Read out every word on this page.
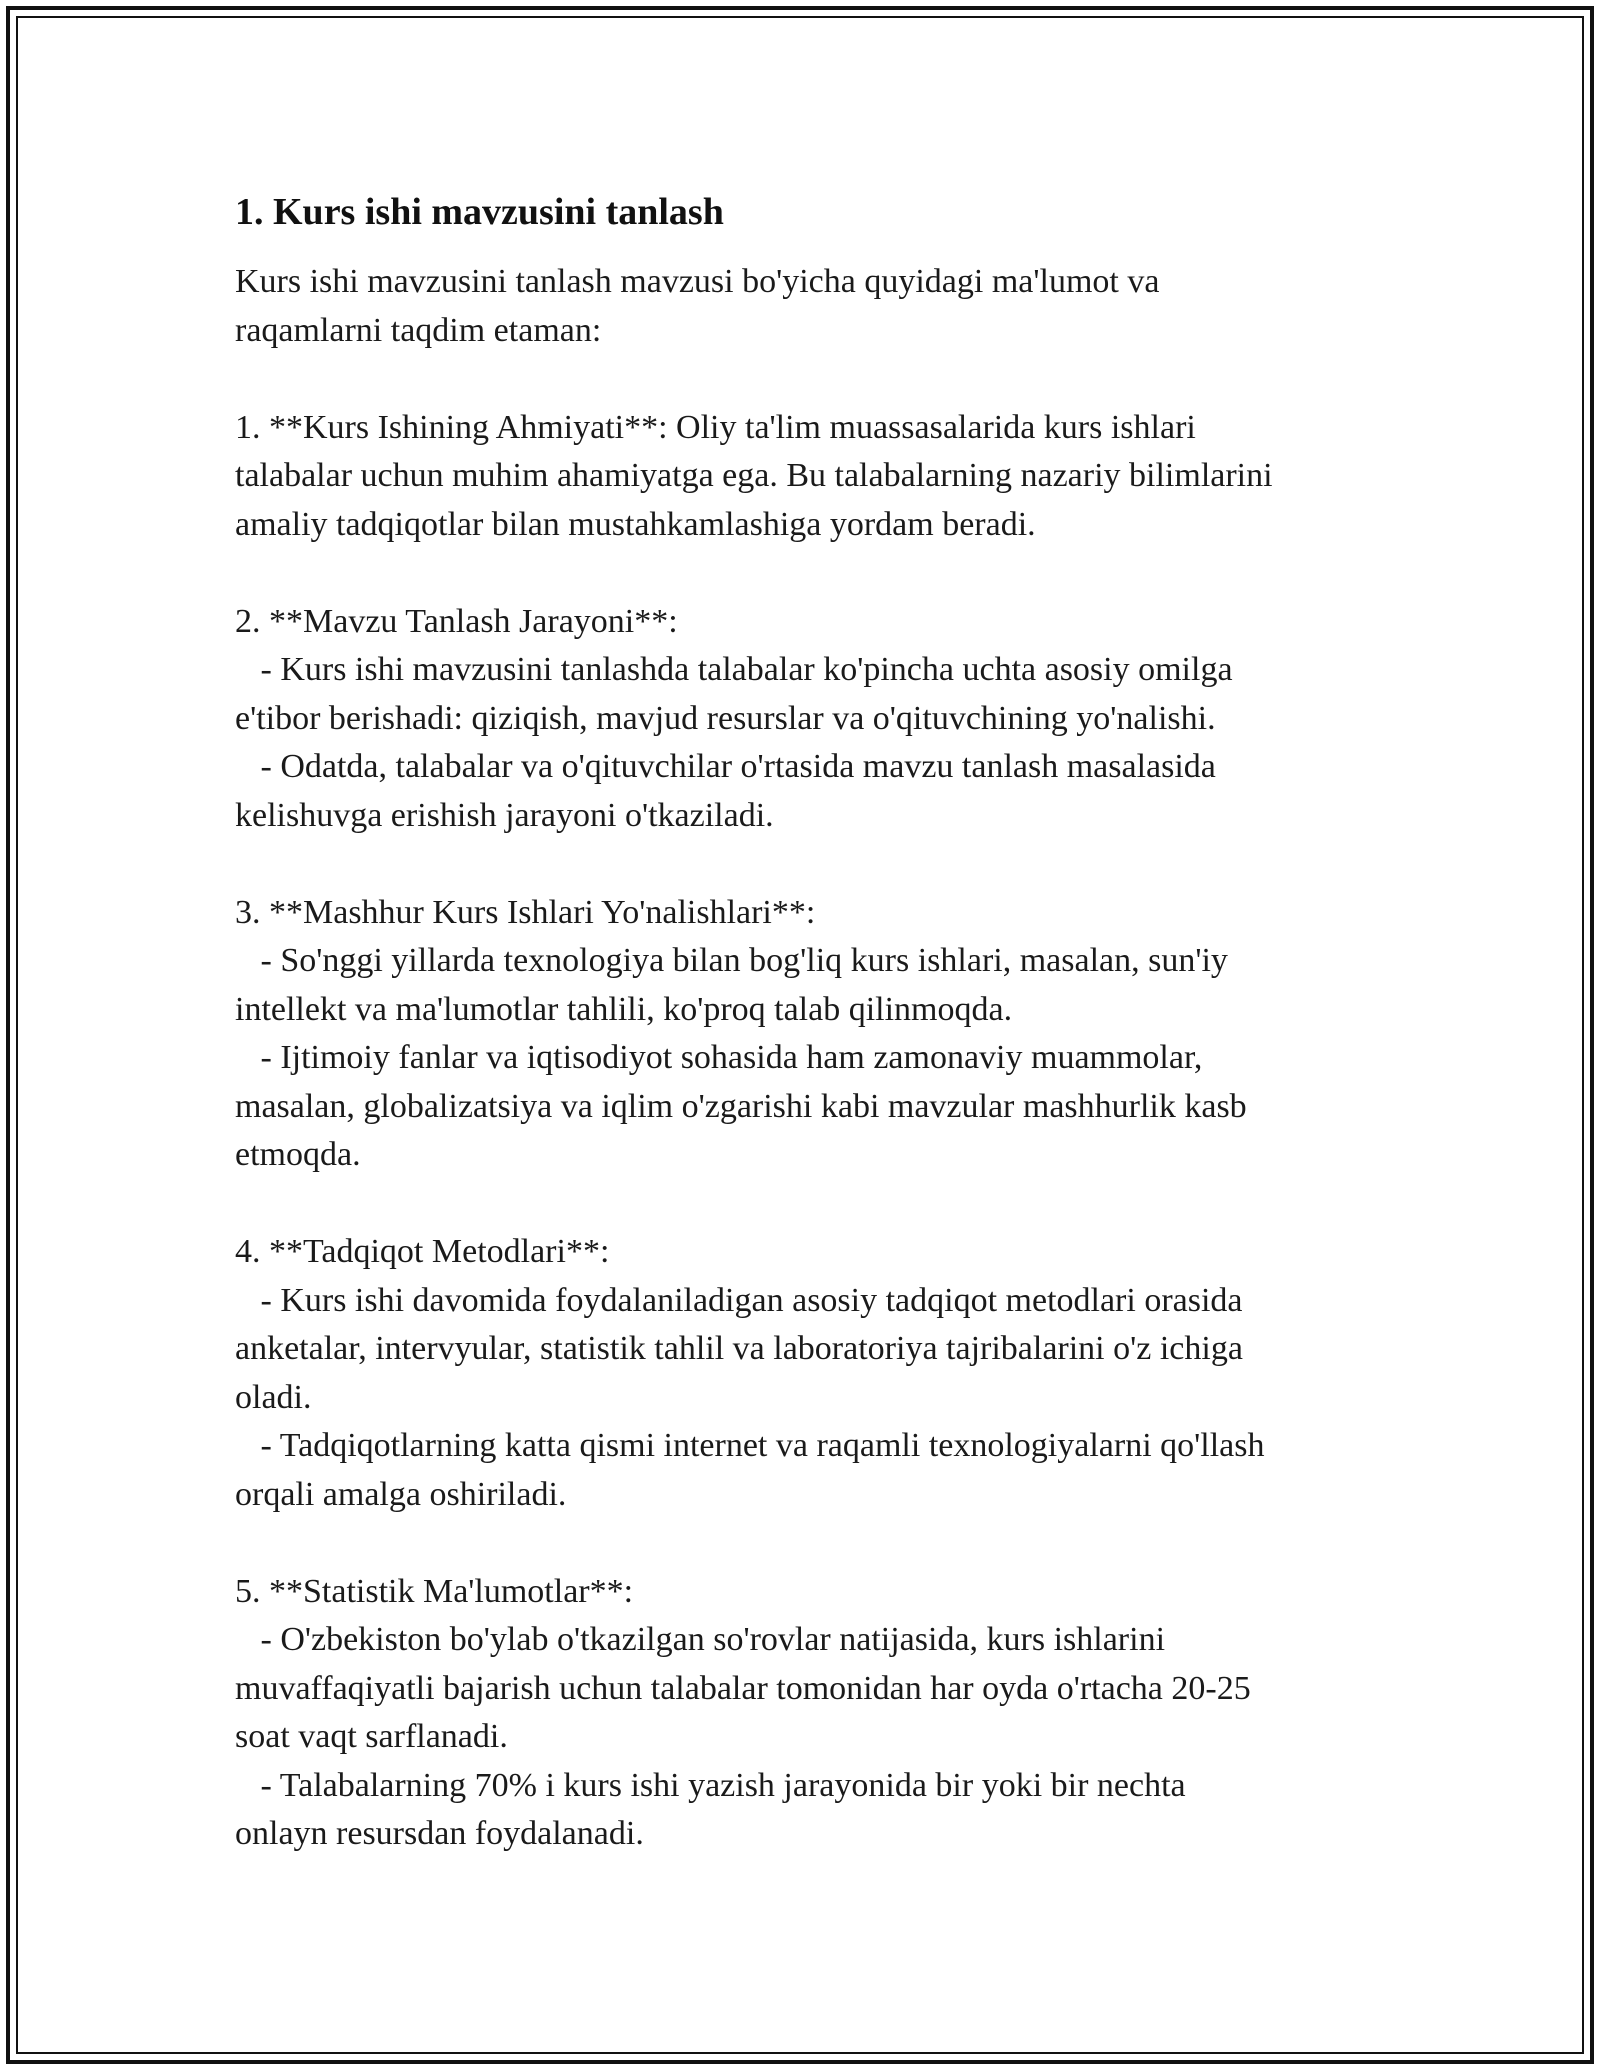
1. Kurs ishi mavzusini tanlash

Kurs ishi mavzusini tanlash mavzusi bo'yicha quyidagi ma'lumot va
raqamlarni taqdim etaman:

1. **Kurs Ishining Ahmiyati**: Oliy ta'lim muassasalarida kurs ishlari
talabalar uchun muhim ahamiyatga ega. Bu talabalarning nazariy bilimlarini
amaliy tadqiqotlar bilan mustahkamlashiga yordam beradi.

2. **Mavzu Tanlash Jarayoni**:

- Kurs ishi mavzusini tanlashda talabalar ko'pincha uchta asosiy omilga
e'tibor berishadi: qiziqish, mavjud resurslar va o'qituvchining yo'nalishi.

- Odatda, talabalar va o'qituvchilar o'rtasida mavzu tanlash masalasida
kelishuvga erishish jarayoni o'tkaziladi.

3. **Mashhur Kurs Ishlari Yo'nalishlari**:

- So'nggi yillarda texnologiya bilan bog'liq kurs ishlari, masalan, sun'iy
intellekt va ma'lumotlar tahlili, ko'proq talab qilinmoqda.

- Ijtimoiy fanlar va iqtisodiyot sohasida ham zamonaviy muammolar,
masalan, globalizatsiya va iqlim o'zgarishi kabi mavzular mashhurlik kasb
etmoqda.

4. **Tadqiqot Metodlari**:

- Kurs ishi davomida foydalaniladigan asosiy tadqiqot metodlari orasida
anketalar, intervyular, statistik tahlil va laboratoriya tajribalarini o'z ichiga
oladi.

- Tadqiqotlarning katta qismi internet va raqamli texnologiyalarni qo'llash
orqali amalga oshiriladi.

5. **Statistik Ma'lumotlar**:

- O'zbekiston bo'ylab o'tkazilgan so'rovlar natijasida, kurs ishlarini
muvaffaqiyatli bajarish uchun talabalar tomonidan har oyda o'rtacha 20-25
soat vaqt sarflanadi.

- Talabalarning 70% i kurs ishi yazish jarayonida bir yoki bir nechta
onlayn resursdan foydalanadi.
